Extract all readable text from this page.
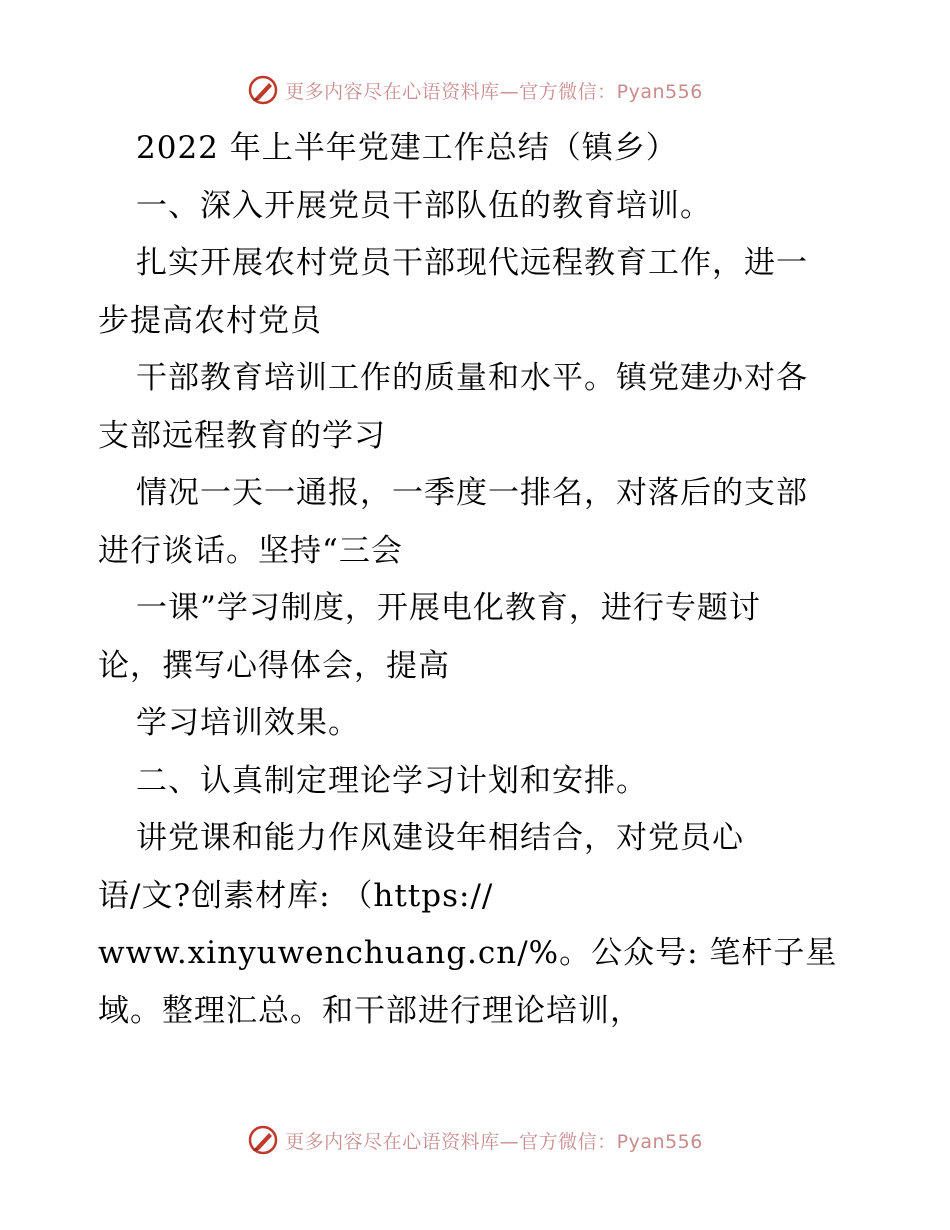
更多内容尽在心语资料库—官方微信：Pyan556
2022 年上半年党建工作总结（镇乡）
一、深入开展党员干部队伍的教育培训。
扎实开展农村党员干部现代远程教育工作，进一
步提高农村党员
干部教育培训工作的质量和水平。镇党建办对各
支部远程教育的学习
情况一天一通报，一季度一排名，对落后的支部
进行谈话。坚持“三会
一课”学习制度，开展电化教育，进行专题讨
论，撰写心得体会，提高
学习培训效果。
二、认真制定理论学习计划和安排。
讲党课和能力作风建设年相结合，对党员心
语/文?创素材库: （https://
www.xinyuwenchuang.cn/%。公众号: 笔杆子星
域。整理汇总。和干部进行理论培训，
更多内容尽在心语资料库—官方微信：Pyan556
